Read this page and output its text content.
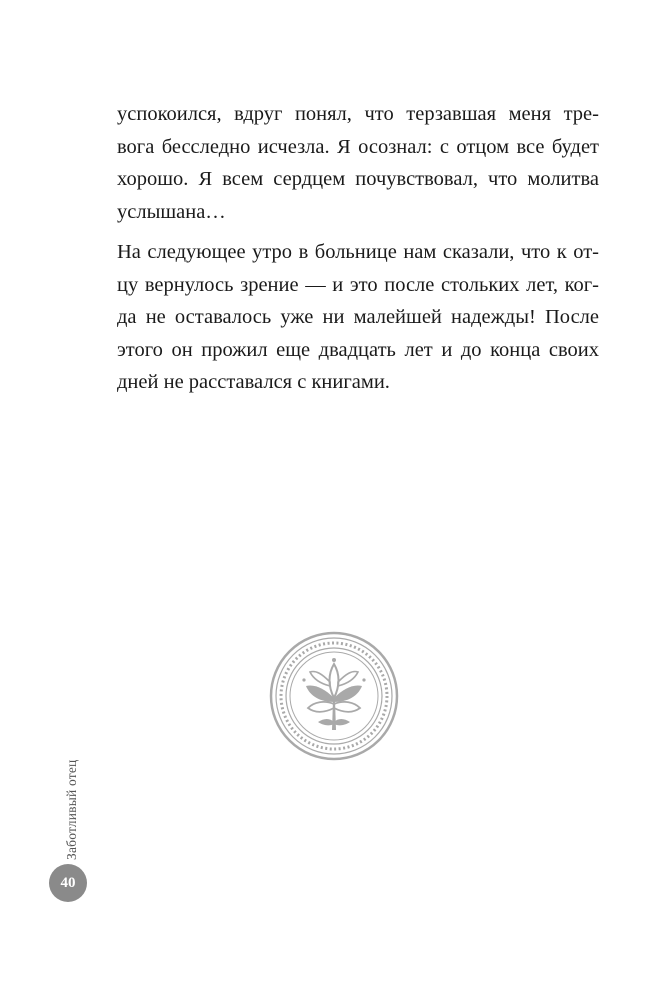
успокоился, вдруг понял, что терзавшая меня тре-
вога бесследно исчезла. Я осознал: с отцом все будет
хорошо. Я всем сердцем почувствовал, что молитва
услышана…
На следующее утро в больнице нам сказали, что к от-
цу вернулось зрение — и это после стольких лет, ког-
да не оставалось уже ни малейшей надежды! После
этого он прожил еще двадцать лет и до конца своих
дней не расставался с книгами.
Заботливый отец
40
